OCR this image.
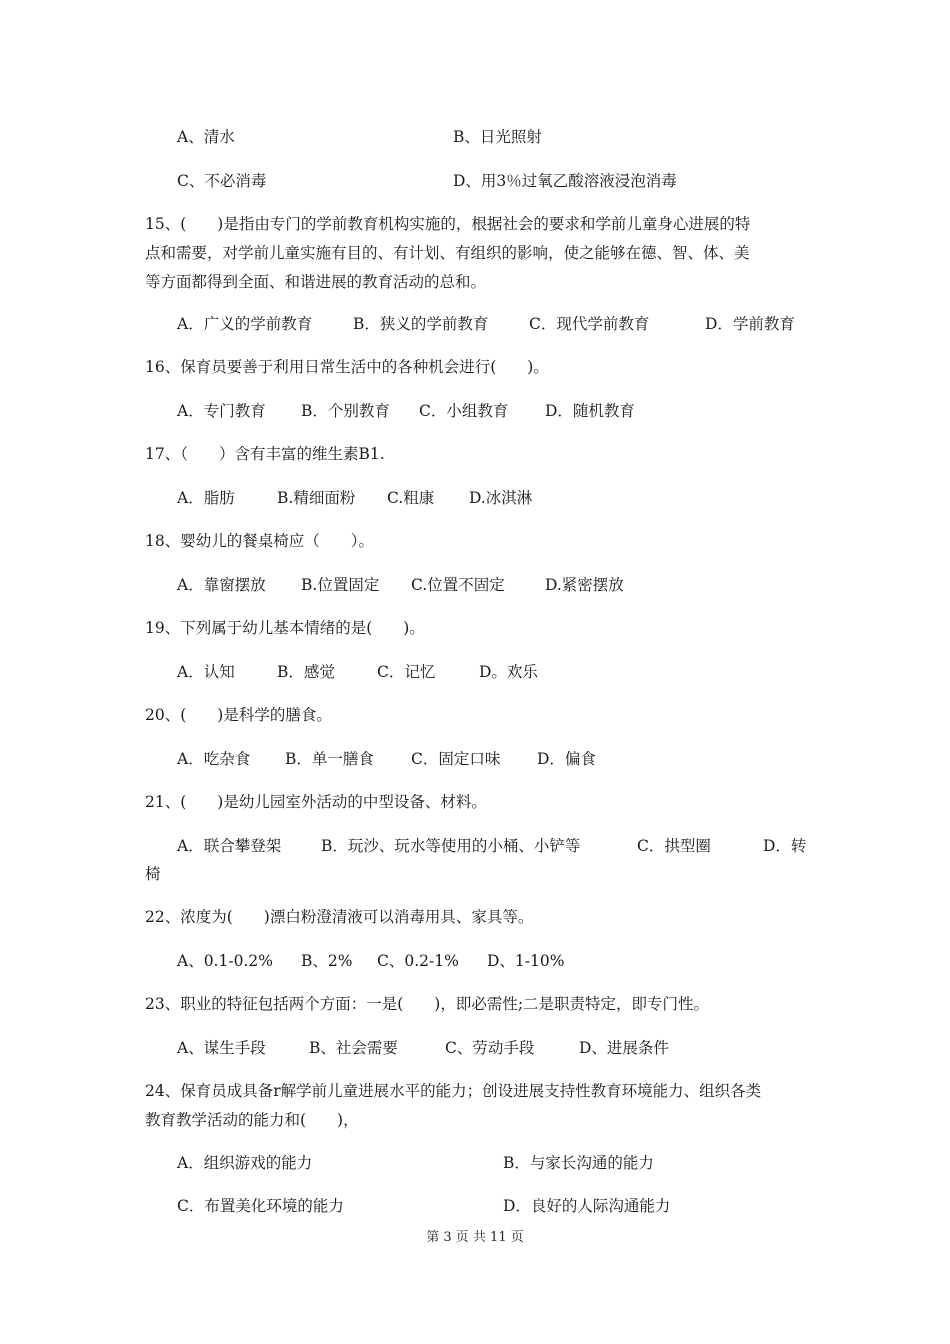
A、清水	B、日光照射
C、不必消毒	D、用3％过氧乙酸溶液浸泡消毒
15、(　　)是指由专门的学前教育机构实施的，根据社会的要求和学前儿童身心进展的特
点和需要，对学前儿童实施有目的、有计划、有组织的影响，使之能够在德、智、体、美
等方面都得到全面、和谐进展的教育活动的总和。
A．广义的学前教育	B．狭义的学前教育	C．现代学前教育	D．学前教育
16、保育员要善于利用日常生活中的各种机会进行(　　)。
A．专门教育 B．个别教育 C．小组教育 D．随机教育
17、（　　）含有丰富的维生素B1.
A．脂肪	B.精细面粉 C.粗康 D.冰淇淋
18、婴幼儿的餐桌椅应（　　）。
A．靠窗摆放 B.位置固定 C.位置不固定	D.紧密摆放
19、下列属于幼儿基本情绪的是(　　)。
A．认知	B．感觉	C．记忆	D。欢乐
20、(　　)是科学的膳食。
A．吃杂食 B．单一膳食 C．固定口味 D．偏食
21、(　　)是幼儿园室外活动的中型设备、材料。
A．联合攀登架	B．玩沙、玩水等使用的小桶、小铲等	C．拱型圈	D．转
椅
22、浓度为(　　)漂白粉澄清液可以消毒用具、家具等。
A、0.1-0.2% B、2% C、0.2-1% D、1-10%
23、职业的特征包括两个方面：一是(　　)，即必需性;二是职责特定，即专门性。
A、谋生手段	B、社会需要	C、劳动手段	D、进展条件
24、保育员成具备r解学前儿童进展水平的能力；创设进展支持性教育环境能力、组织各类
教育教学活动的能力和(　　)，
A．组织游戏的能力	B．与家长沟通的能力
C．布置美化环境的能力	D．良好的人际沟通能力
第 3 页 共 11 页
